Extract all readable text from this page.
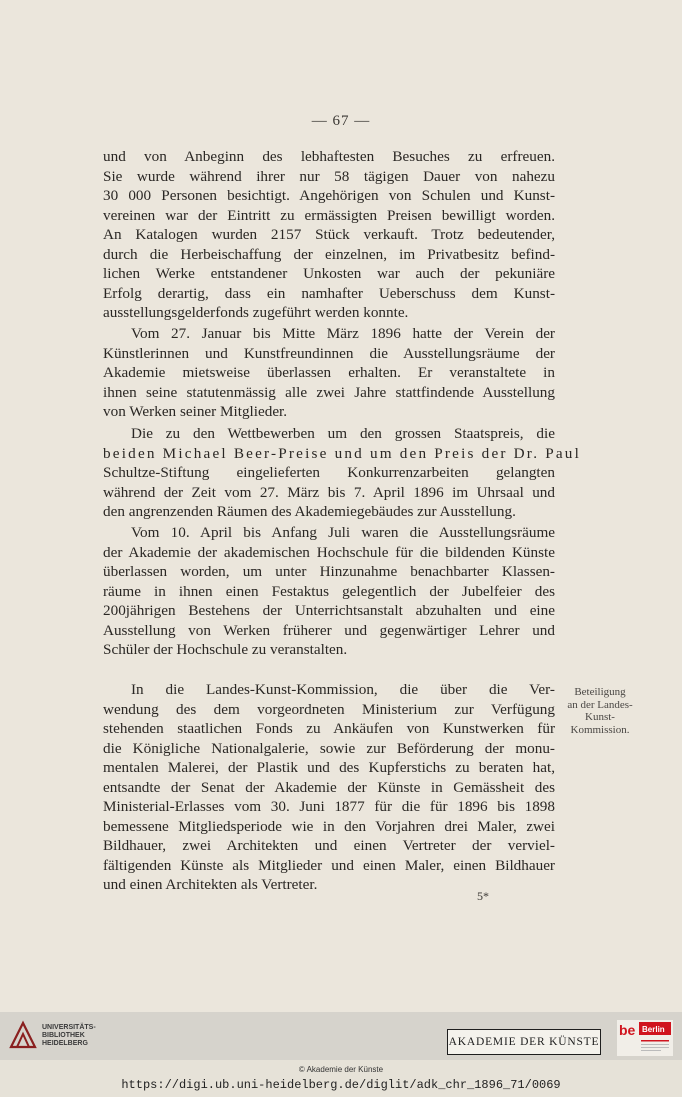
— 67 —
und von Anbeginn des lebhaftesten Besuches zu erfreuen.
Sie wurde während ihrer nur 58 tägigen Dauer von nahezu
30 000 Personen besichtigt. Angehörigen von Schulen und Kunst-
vereinen war der Eintritt zu ermässigten Preisen bewilligt worden.
An Katalogen wurden 2157 Stück verkauft. Trotz bedeutender,
durch die Herbeischaffung der einzelnen, im Privatbesitz befind-
lichen Werke entstandener Unkosten war auch der pekuniäre
Erfolg derartig, dass ein namhafter Ueberschuss dem Kunst-
ausstellungsgelderfonds zugeführt werden konnte.
Vom 27. Januar bis Mitte März 1896 hatte der Verein der
Künstlerinnen und Kunstfreundinnen die Ausstellungsräume der
Akademie mietsweise überlassen erhalten. Er veranstaltete in
ihnen seine statutenmässig alle zwei Jahre stattfindende Ausstellung
von Werken seiner Mitglieder.
Die zu den Wettbewerben um den grossen Staatspreis, die
beiden Michael Beer-Preise und um den Preis der Dr. Paul
Schultze-Stiftung eingelieferten Konkurrenzarbeiten gelangten
während der Zeit vom 27. März bis 7. April 1896 im Uhrsaal und
den angrenzenden Räumen des Akademiegebäudes zur Ausstellung.
Vom 10. April bis Anfang Juli waren die Ausstellungsräume
der Akademie der akademischen Hochschule für die bildenden Künste
überlassen worden, um unter Hinzunahme benachbarter Klassen-
räume in ihnen einen Festaktus gelegentlich der Jubelfeier des
200jährigen Bestehens der Unterrichtsanstalt abzuhalten und eine
Ausstellung von Werken früherer und gegenwärtiger Lehrer und
Schüler der Hochschule zu veranstalten.
In die Landes-Kunst-Kommission, die über die Ver-
wendung des dem vorgeordneten Ministerium zur Verfügung
stehenden staatlichen Fonds zu Ankäufen von Kunstwerken für
die Königliche Nationalgalerie, sowie zur Beförderung der monu-
mentalen Malerei, der Plastik und des Kupferstichs zu beraten hat,
entsandte der Senat der Akademie der Künste in Gemässheit des
Ministerial-Erlasses vom 30. Juni 1877 für die für 1896 bis 1898
bemessene Mitgliedsperiode wie in den Vorjahren drei Maler, zwei
Bildhauer, zwei Architekten und einen Vertreter der verviel-
fältigenden Künste als Mitglieder und einen Maler, einen Bildhauer
und einen Architekten als Vertreter.
Beteiligung
an der Landes-
Kunst-
Kommission.
5*
UNIVERSITÄTS-
BIBLIOTHEK
HEIDELBERG	AKADEMIE DER KÜNSTE
be Berlin
© Akademie der Künste
https://digi.ub.uni-heidelberg.de/diglit/adk_chr_1896_71/0069
